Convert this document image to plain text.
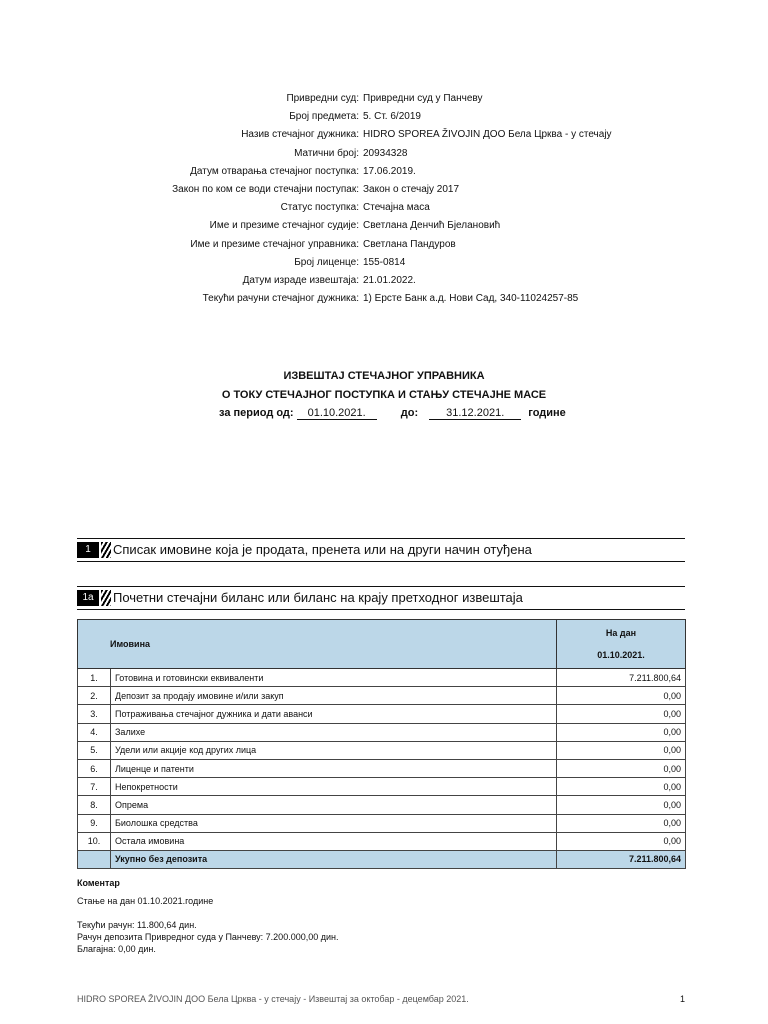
Привредни суд: Привредни суд у Панчеву
Број предмета: 5. Ст. 6/2019
Назив стечајног дужника: HIDRO SPOREA ŽIVOJIN ДОО Бела Црква - у стечају
Матични број: 20934328
Датум отварања стечајног поступка: 17.06.2019.
Закон по ком се води стечајни поступак: Закон о стечају 2017
Статус поступка: Стечајна маса
Име и презиме стечајног судије: Светлана Денчић Бјелановић
Име и презиме стечајног управника: Светлана Пандуров
Број лиценце: 155-0814
Датум израде извештаја: 21.01.2022.
Текући рачуни стечајног дужника: 1) Ерсте Банк а.д. Нови Сад, 340-11024257-85
ИЗВЕШТАЈ СТЕЧАЈНОГ УПРАВНИКА
О ТОКУ СТЕЧАЈНОГ ПОСТУПКА И СТАЊУ СТЕЧАЈНЕ МАСЕ
за период од: 01.10.2021.	до:	31.12.2021. године
1	Списак имовине која је продата, пренета или на други начин отуђена
1a	Почетни стечајни биланс или биланс на крају претходног извештаја
Имовина		На дан
01.10.2021.

1.	Готовина и готовински еквиваленти	7.211.800,64
2.	Депозит за продају имовине и/или закуп	0,00
3.	Потраживања стечајног дужника и дати аванси	0,00
4.	Залихе	0,00
5.	Удели или акције код других лица	0,00
6.	Лиценце и патенти	0,00
7.	Непокретности	0,00
8.	Опрема	0,00
9.	Биолошка средства	0,00
10.	Остала имовина	0,00
	Укупно без депозита	7.211.800,64
Коментар
Стање на дан 01.10.2021.године
Текући рачун: 11.800,64 дин.
Рачун депозита Привредног суда у Панчеву: 7.200.000,00 дин.
Благајна: 0,00 дин.
HIDRO SPOREA ŽIVOJIN ДОО Бела Црква - у стечају - Извештај за октобар - децембар 2021.	1
